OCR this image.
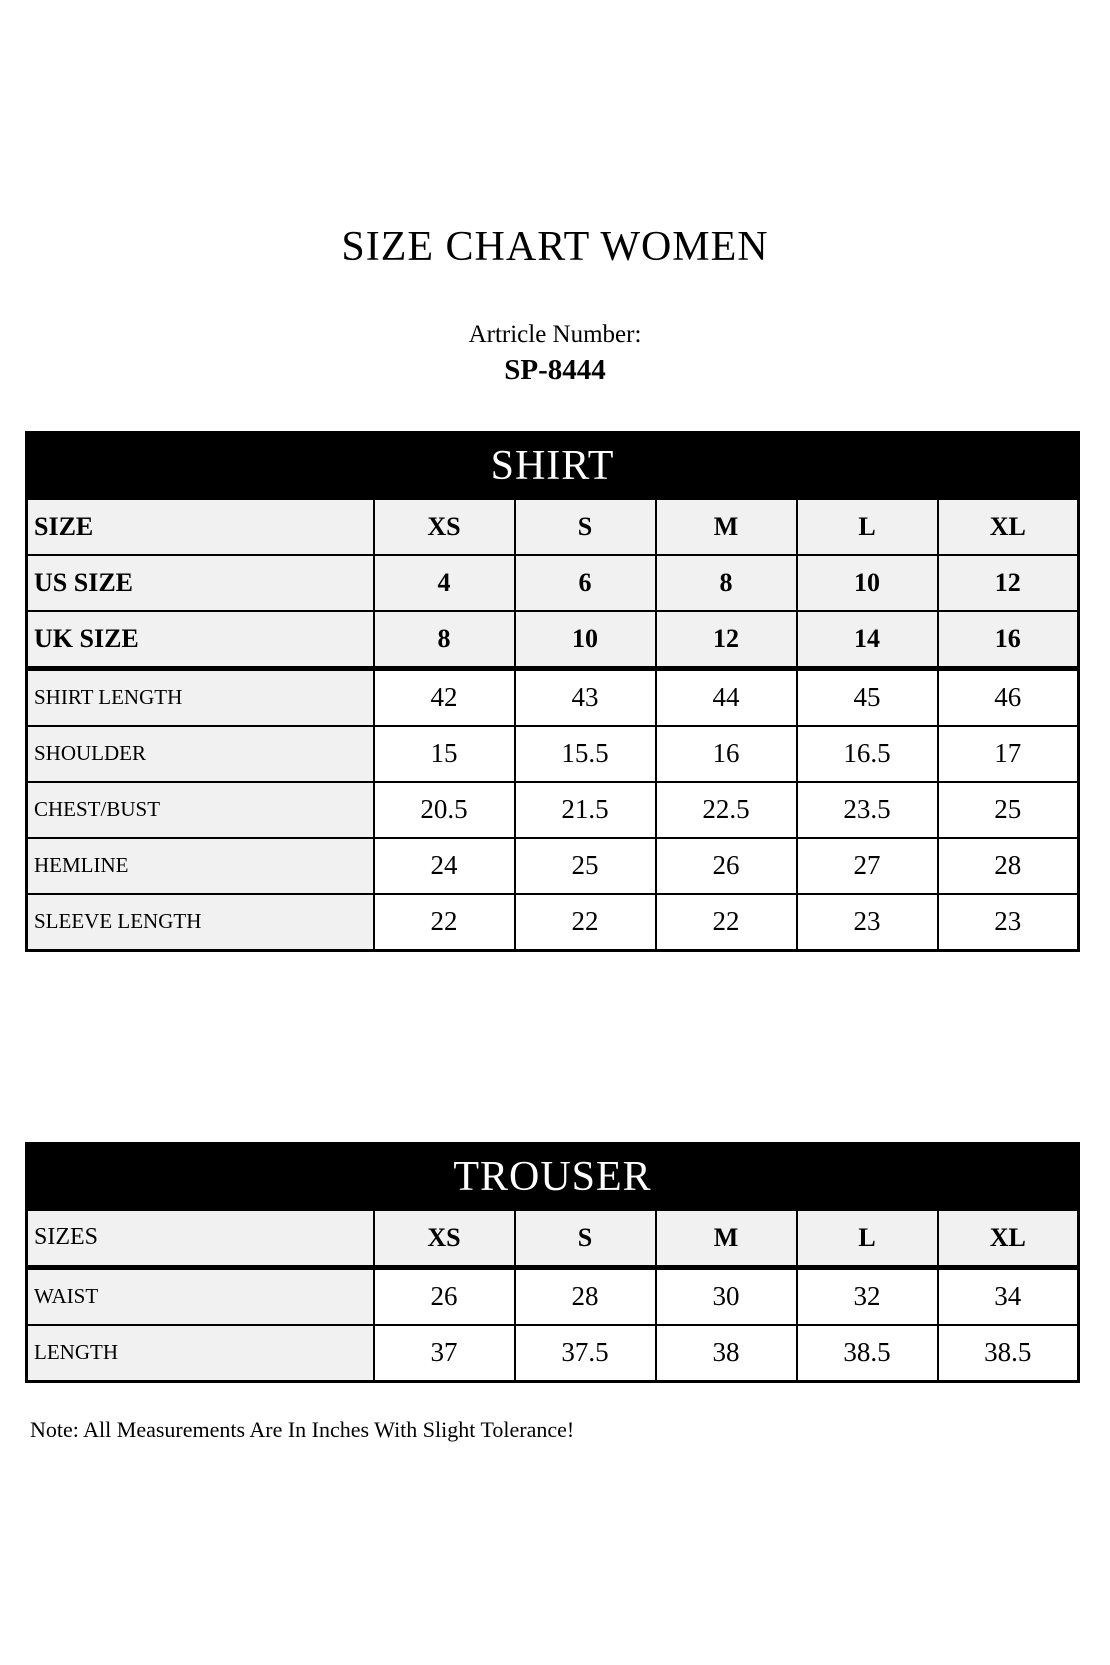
SIZE CHART WOMEN
Artricle Number:
SP-8444
SHIRT					
SIZE	XS	S	M	L	XL
US SIZE	4	6	8	10	12
UK SIZE	8	10	12	14	16
SHIRT LENGTH	42	43	44	45	46
SHOULDER	15	15.5	16	16.5	17
CHEST/BUST	20.5	21.5	22.5	23.5	25
HEMLINE	24	25	26	27	28
SLEEVE LENGTH	22	22	22	23	23
TROUSER					
SIZES	XS	S	M	L	XL
WAIST	26	28	30	32	34
LENGTH	37	37.5	38	38.5	38.5
Note: All Measurements Are In Inches With Slight Tolerance!
